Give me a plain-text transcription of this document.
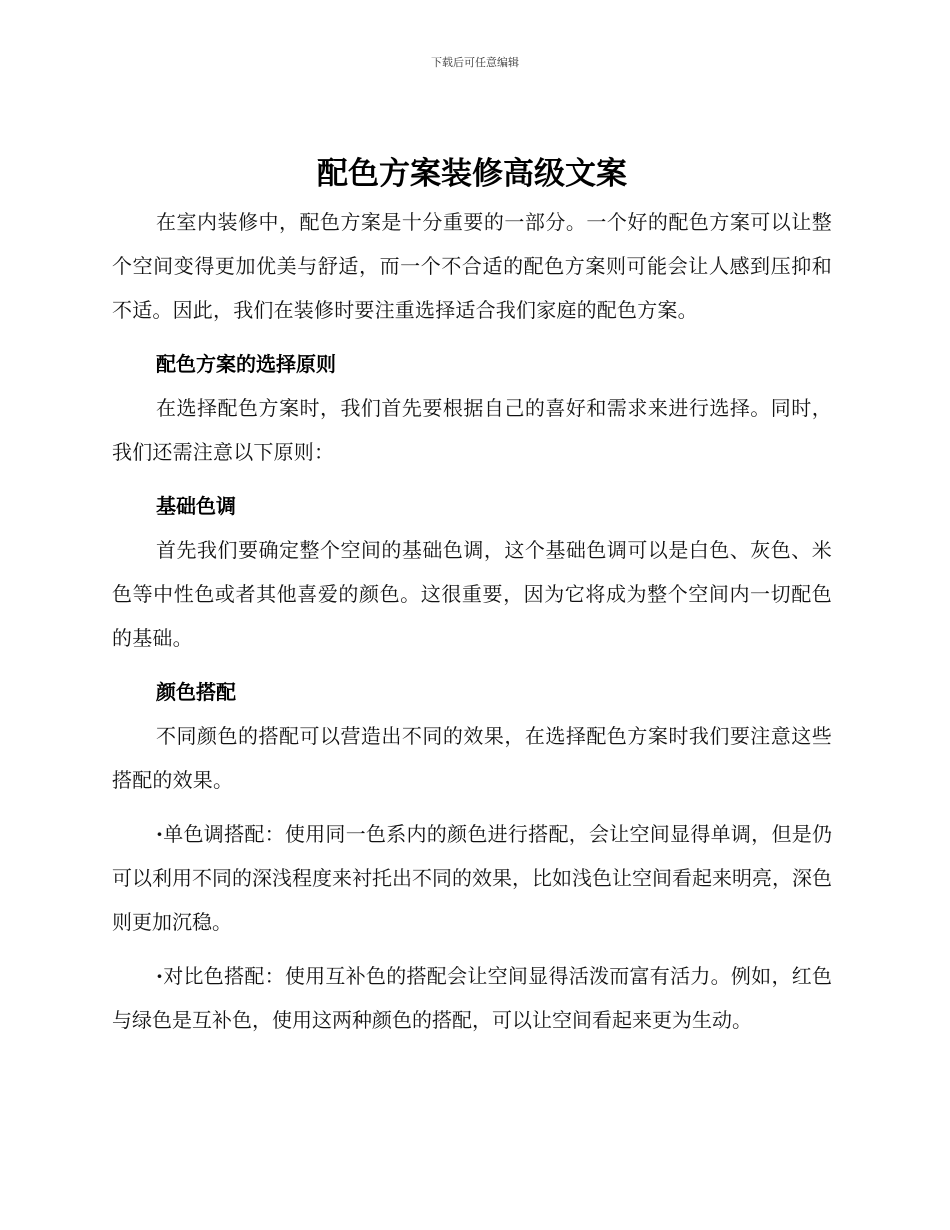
下载后可任意编辑
配色方案装修高级文案

在室内装修中，配色方案是十分重要的一部分。一个好的配色方案可以让整个空间变得更加优美与舒适，而一个不合适的配色方案则可能会让人感到压抑和不适。因此，我们在装修时要注重选择适合我们家庭的配色方案。

配色方案的选择原则

在选择配色方案时，我们首先要根据自己的喜好和需求来进行选择。同时，我们还需注意以下原则：

基础色调

首先我们要确定整个空间的基础色调，这个基础色调可以是白色、灰色、米色等中性色或者其他喜爱的颜色。这很重要，因为它将成为整个空间内一切配色的基础。

颜色搭配

不同颜色的搭配可以营造出不同的效果，在选择配色方案时我们要注意这些搭配的效果。

·单色调搭配：使用同一色系内的颜色进行搭配，会让空间显得单调，但是仍可以利用不同的深浅程度来衬托出不同的效果，比如浅色让空间看起来明亮，深色则更加沉稳。

·对比色搭配：使用互补色的搭配会让空间显得活泼而富有活力。例如，红色与绿色是互补色，使用这两种颜色的搭配，可以让空间看起来更为生动。
